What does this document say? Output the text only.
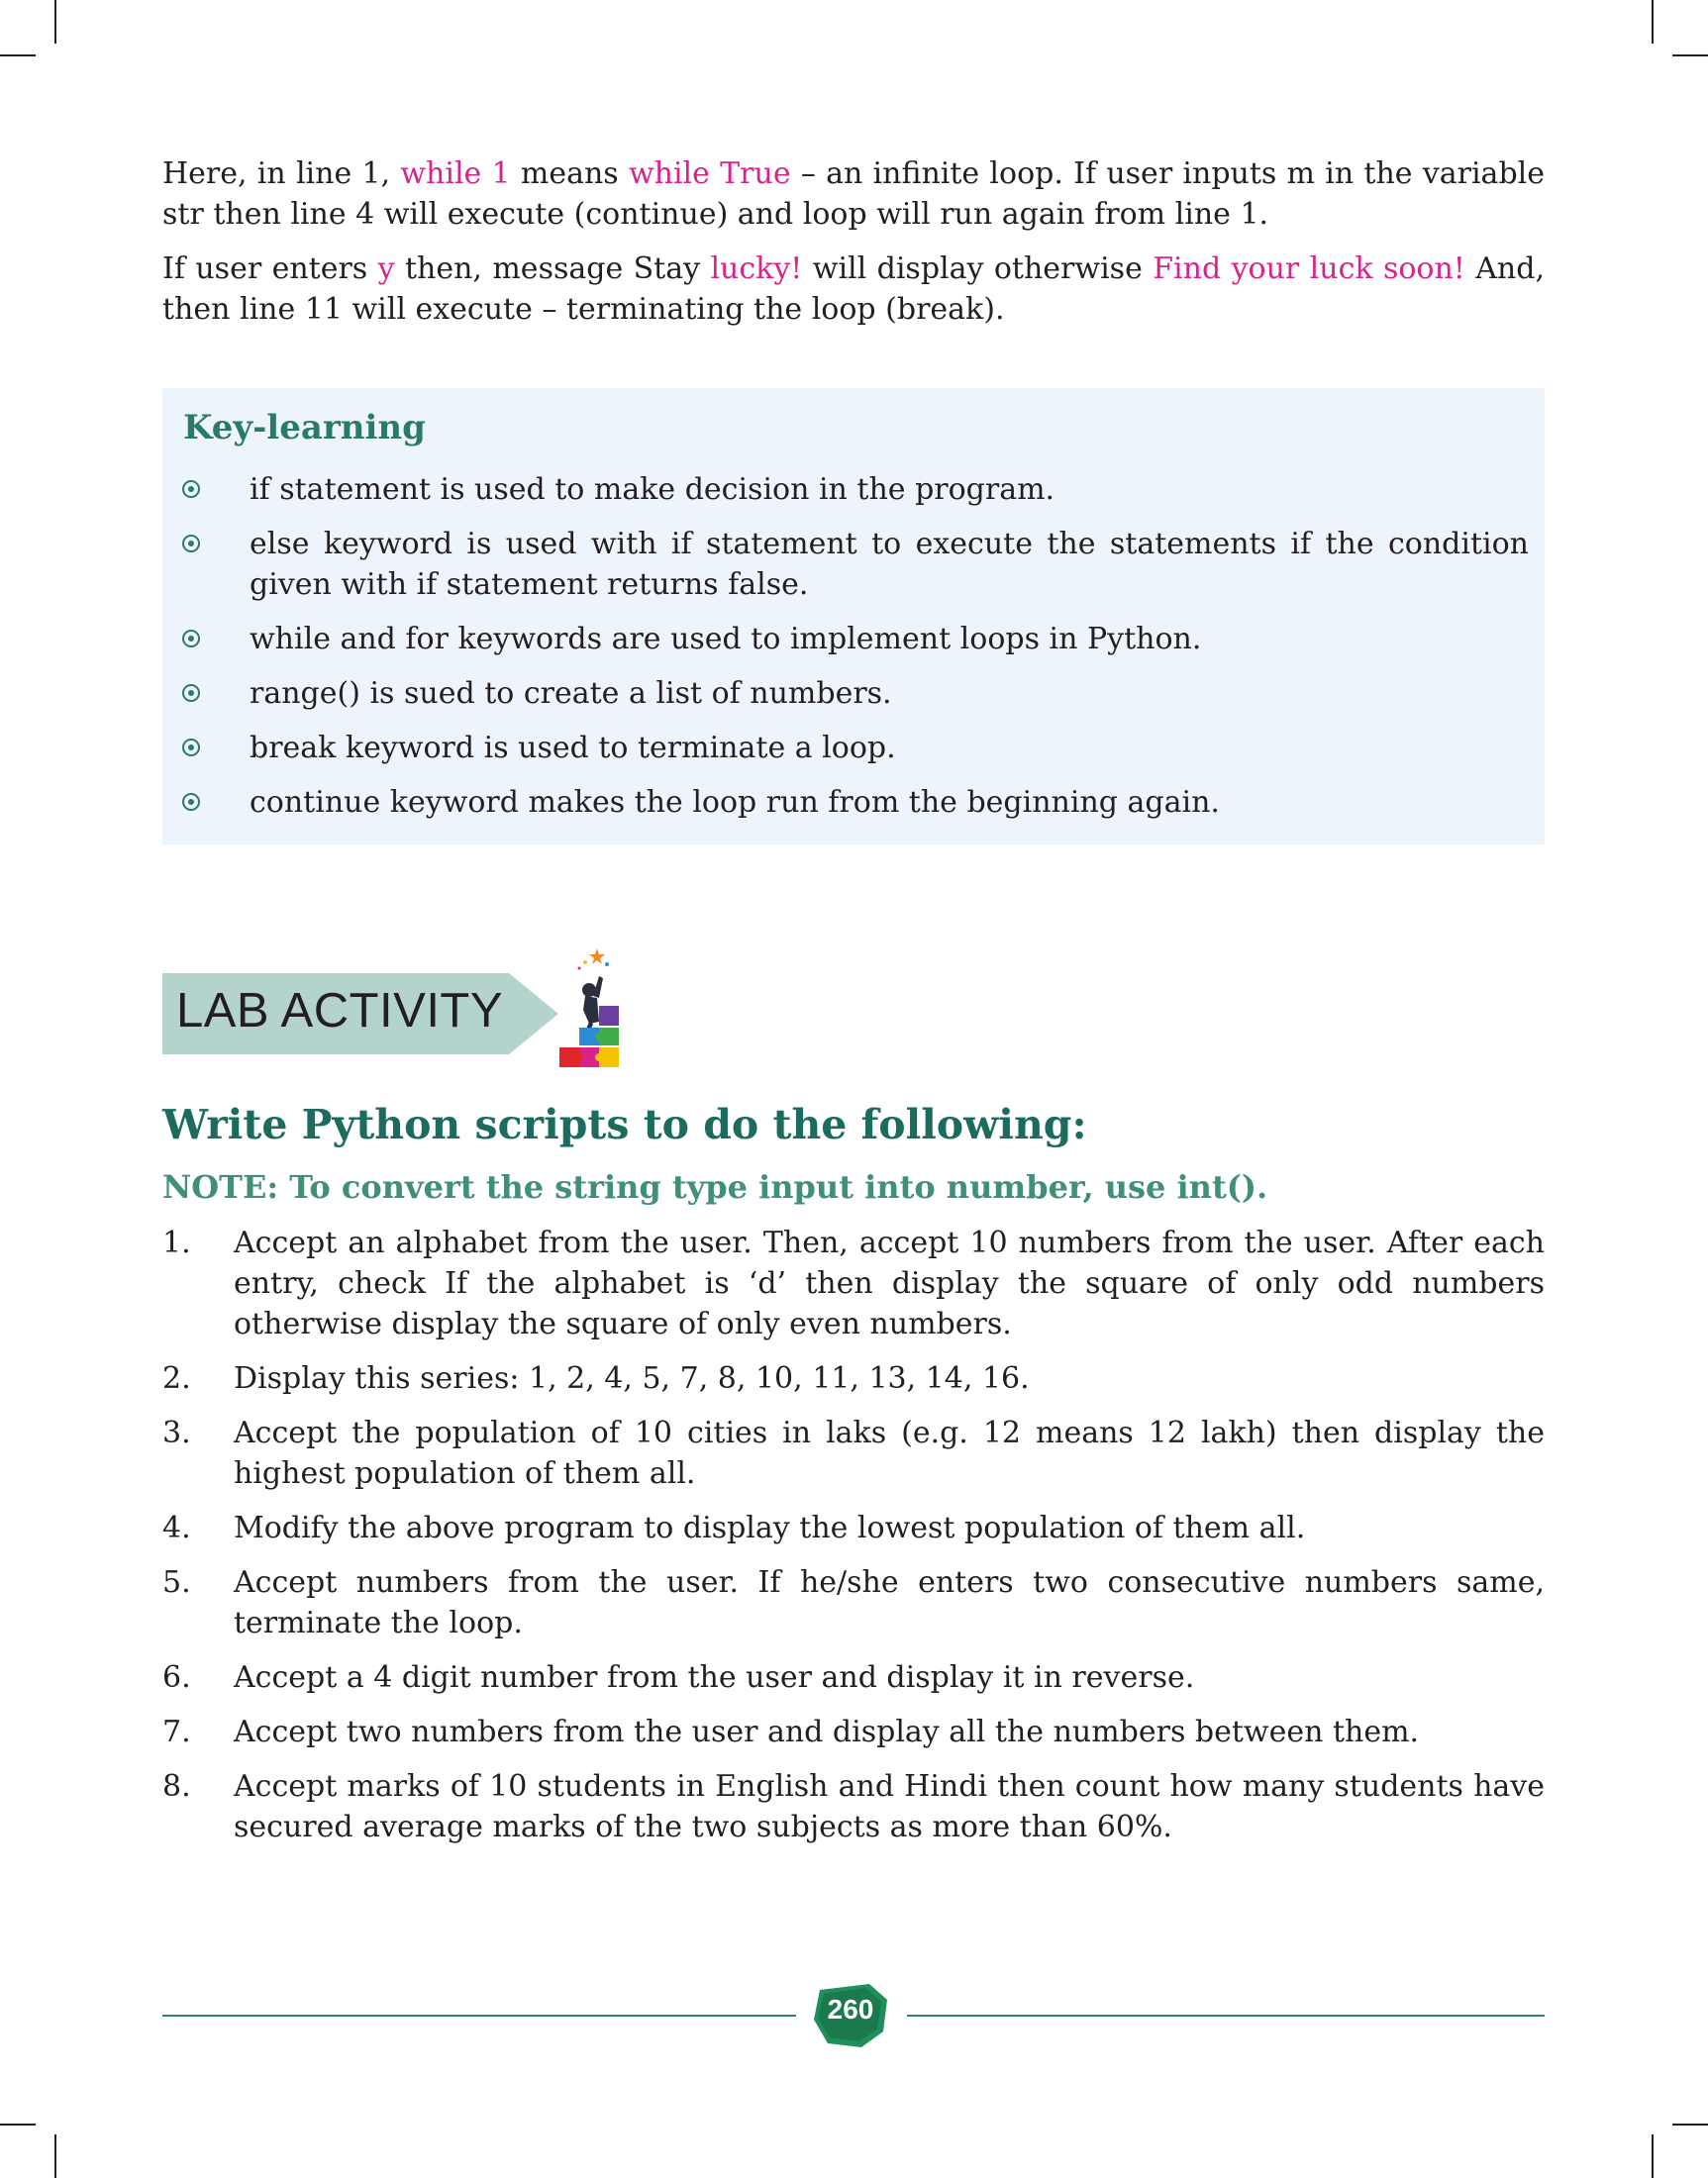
Here, in line 1, while 1 means while True – an infinite loop. If user inputs m in the variable str then line 4 will execute (continue) and loop will run again from line 1.

If user enters y then, message Stay lucky! will display otherwise Find your luck soon! And, then line 11 will execute – terminating the loop (break).

Key-learning
if statement is used to make decision in the program.
else keyword is used with if statement to execute the statements if the condition given with if statement returns false.
while and for keywords are used to implement loops in Python.
range() is sued to create a list of numbers.
break keyword is used to terminate a loop.
continue keyword makes the loop run from the beginning again.
LAB ACTIVITY
Write Python scripts to do the following:
NOTE: To convert the string type input into number, use int().
1. Accept an alphabet from the user. Then, accept 10 numbers from the user. After each entry, check If the alphabet is ‘d’ then display the square of only odd numbers otherwise display the square of only even numbers.
2. Display this series: 1, 2, 4, 5, 7, 8, 10, 11, 13, 14, 16.
3. Accept the population of 10 cities in laks (e.g. 12 means 12 lakh) then display the highest population of them all.
4. Modify the above program to display the lowest population of them all.
5. Accept numbers from the user. If he/she enters two consecutive numbers same, terminate the loop.
6. Accept a 4 digit number from the user and display it in reverse.
7. Accept two numbers from the user and display all the numbers between them.
8. Accept marks of 10 students in English and Hindi then count how many students have secured average marks of the two subjects as more than 60%.
260
